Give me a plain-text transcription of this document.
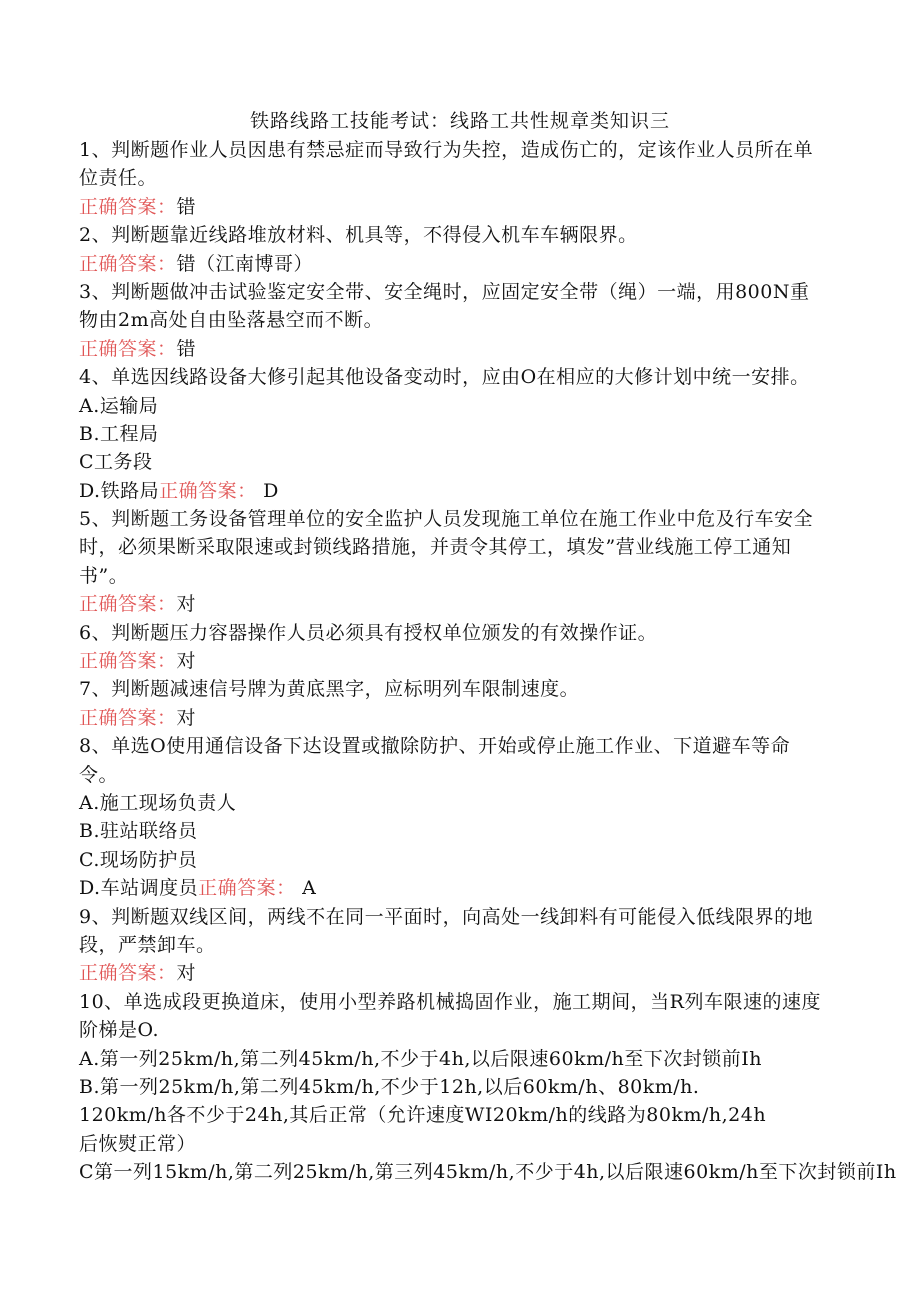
铁路线路工技能考试：线路工共性规章类知识三
1、判断题作业人员因患有禁忌症而导致行为失控，造成伤亡的，定该作业人员所在单
位责任。
正确答案：错
2、判断题靠近线路堆放材料、机具等，不得侵入机车车辆限界。
正确答案：错（江南博哥）
3、判断题做冲击试验鉴定安全带、安全绳时，应固定安全带（绳）一端，用800N重
物由2m高处自由坠落悬空而不断。
正确答案：错
4、单选因线路设备大修引起其他设备变动时，应由O在相应的大修计划中统一安排。
A.运输局
B.工程局
C工务段
D.铁路局正确答案： D
5、判断题工务设备管理单位的安全监护人员发现施工单位在施工作业中危及行车安全
时，必须果断采取限速或封锁线路措施，并责令其停工，填发”营业线施工停工通知
书”。
正确答案：对
6、判断题压力容器操作人员必须具有授权单位颁发的有效操作证。
正确答案：对
7、判断题减速信号牌为黄底黑字，应标明列车限制速度。
正确答案：对
8、单选O使用通信设备下达设置或撤除防护、开始或停止施工作业、下道避车等命
令。
A.施工现场负责人
B.驻站联络员
C.现场防护员
D.车站调度员正确答案： A
9、判断题双线区间，两线不在同一平面时，向高处一线卸料有可能侵入低线限界的地
段，严禁卸车。
正确答案：对
10、单选成段更换道床，使用小型养路机械捣固作业，施工期间，当R列车限速的速度
阶梯是O.
A.第一列25km/h,第二列45km/h,不少于4h,以后限速60km/h至下次封锁前Ih
B.第一列25km/h,第二列45km/h,不少于12h,以后60km/h、80km/h.
120km/h各不少于24h,其后正常（允许速度WI20km/h的线路为80km/h,24h
后恢熨正常）
C第一列15km/h,第二列25km/h,第三列45km/h,不少于4h,以后限速60km/h至下次封锁前Ih
